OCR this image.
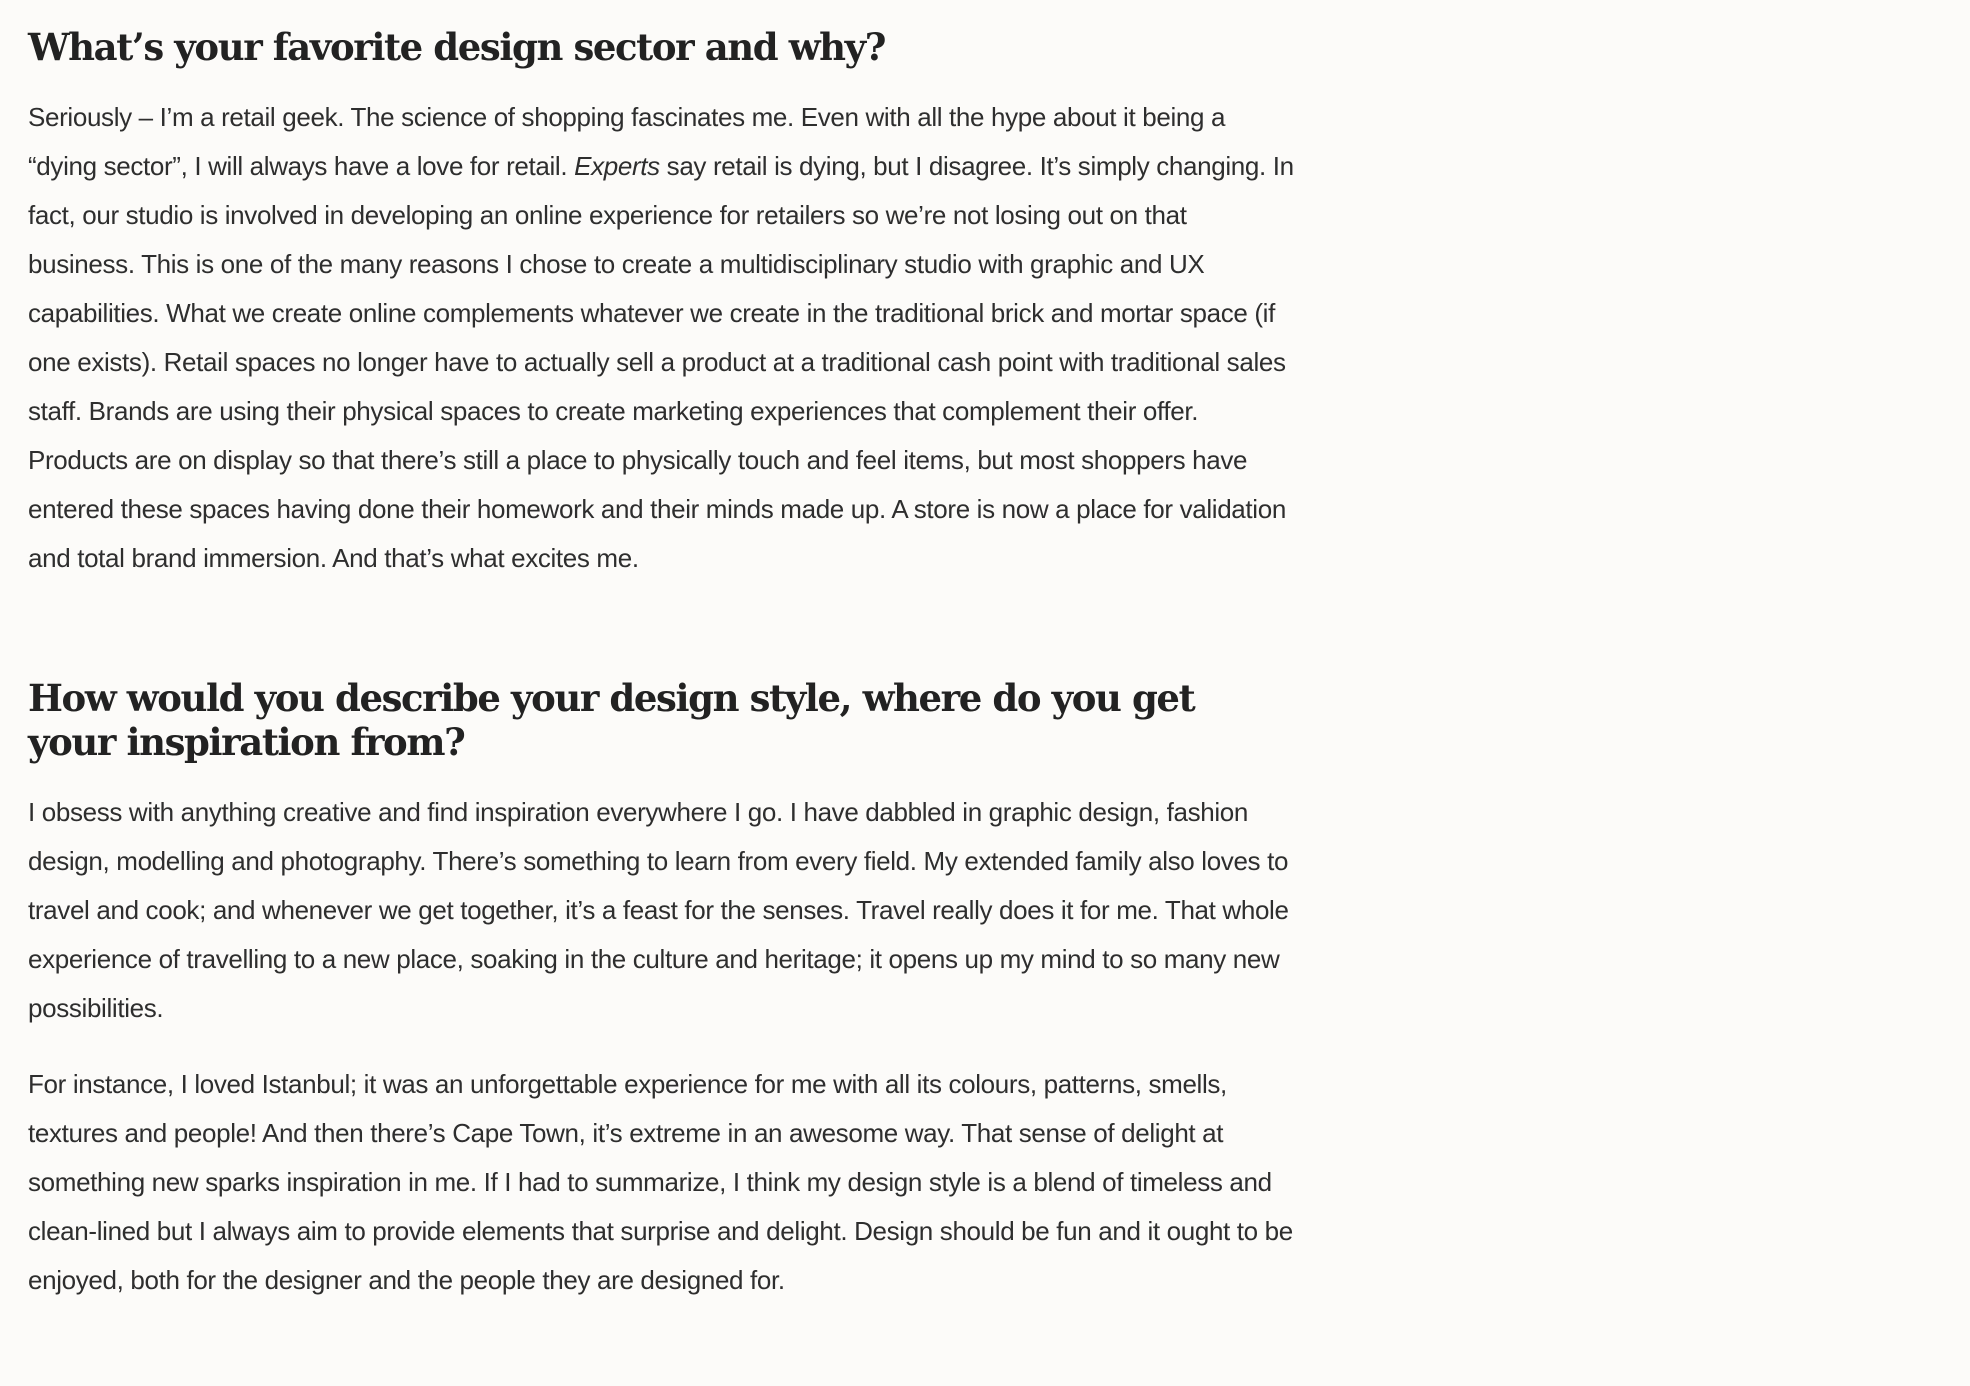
What’s your favorite design sector and why?

Seriously – I’m a retail geek. The science of shopping fascinates me. Even with all the hype about it being a “dying sector”, I will always have a love for retail. Experts say retail is dying, but I disagree. It’s simply changing. In fact, our studio is involved in developing an online experience for retailers so we’re not losing out on that business. This is one of the many reasons I chose to create a multidisciplinary studio with graphic and UX capabilities. What we create online complements whatever we create in the traditional brick and mortar space (if one exists). Retail spaces no longer have to actually sell a product at a traditional cash point with traditional sales staff. Brands are using their physical spaces to create marketing experiences that complement their offer. Products are on display so that there’s still a place to physically touch and feel items, but most shoppers have entered these spaces having done their homework and their minds made up. A store is now a place for validation and total brand immersion. And that’s what excites me.

How would you describe your design style, where do you get your inspiration from?

I obsess with anything creative and find inspiration everywhere I go. I have dabbled in graphic design, fashion design, modelling and photography. There’s something to learn from every field. My extended family also loves to travel and cook; and whenever we get together, it’s a feast for the senses. Travel really does it for me. That whole experience of travelling to a new place, soaking in the culture and heritage; it opens up my mind to so many new possibilities.

For instance, I loved Istanbul; it was an unforgettable experience for me with all its colours, patterns, smells, textures and people! And then there’s Cape Town, it’s extreme in an awesome way. That sense of delight at something new sparks inspiration in me. If I had to summarize, I think my design style is a blend of timeless and clean-lined but I always aim to provide elements that surprise and delight. Design should be fun and it ought to be enjoyed, both for the designer and the people they are designed for.
